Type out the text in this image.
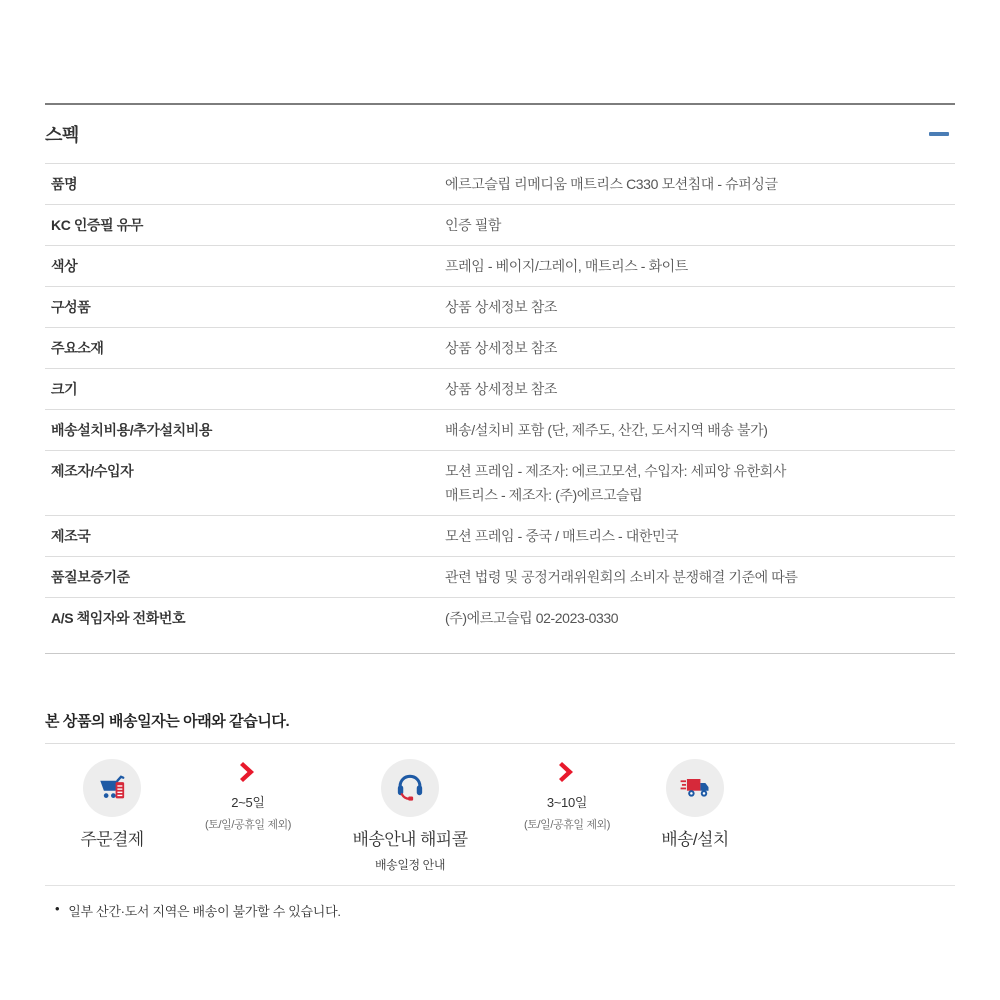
스펙
품명	에르고슬립 리메디움 매트리스 C330 모션침대 - 슈퍼싱글
KC 인증필 유무	인증 필함
색상	프레임 - 베이지/그레이, 매트리스 - 화이트
구성품	상품 상세정보 참조
주요소재	상품 상세정보 참조
크기	상품 상세정보 참조
배송설치비용/추가설치비용	배송/설치비 포함 (단, 제주도, 산간, 도서지역 배송 불가)
제조자/수입자	모션 프레임 - 제조자: 에르고모션, 수입자: 세피앙 유한회사
매트리스 - 제조자: (주)에르고슬립
제조국	모션 프레임 - 중국 / 매트리스 - 대한민국
품질보증기준	관련 법령 및 공정거래위원회의 소비자 분쟁해결 기준에 따름
A/S 책임자와 전화번호	(주)에르고슬립 02-2023-0330
본 상품의 배송일자는 아래와 같습니다.
주문결제	배송안내 해피콜
배송일정 안내
배송/설치
2~5일
(토/일/공휴일 제외)
3~10일
(토/일/공휴일 제외)
• 일부 산간·도서 지역은 배송이 불가할 수 있습니다.
